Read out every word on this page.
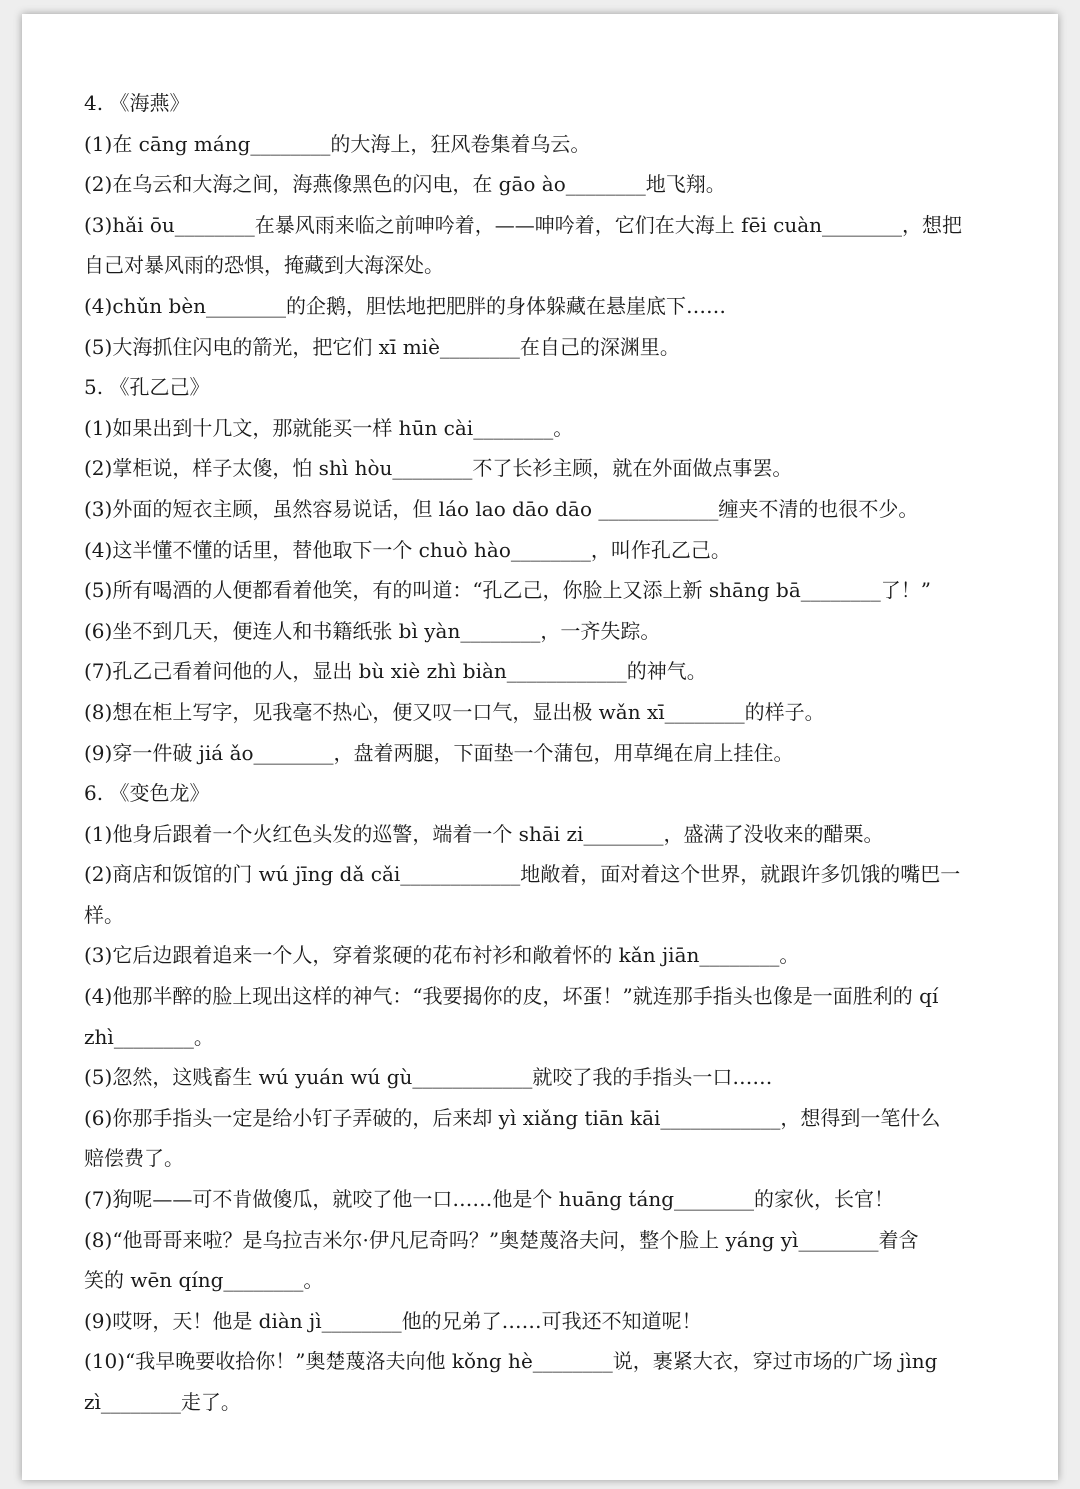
4. 《海燕》
(1)在 cāng máng________的大海上，狂风卷集着乌云。
(2)在乌云和大海之间，海燕像黑色的闪电，在 gāo ào________地飞翔。
(3)hǎi ōu________在暴风雨来临之前呻吟着，——呻吟着，它们在大海上 fēi cuàn________，想把
自己对暴风雨的恐惧，掩藏到大海深处。
(4)chǔn bèn________的企鹅，胆怯地把肥胖的身体躲藏在悬崖底下……
(5)大海抓住闪电的箭光，把它们 xī miè________在自己的深渊里。
5. 《孔乙己》
(1)如果出到十几文，那就能买一样 hūn cài________。
(2)掌柜说，样子太傻，怕 shì hòu________不了长衫主顾，就在外面做点事罢。
(3)外面的短衣主顾，虽然容易说话，但 láo lao dāo dāo ____________缠夹不清的也很不少。
(4)这半懂不懂的话里，替他取下一个 chuò hào________，叫作孔乙己。
(5)所有喝酒的人便都看着他笑，有的叫道：“孔乙己，你脸上又添上新 shāng bā________了！”
(6)坐不到几天，便连人和书籍纸张 bì yàn________，一齐失踪。
(7)孔乙己看着问他的人，显出 bù xiè zhì biàn____________的神气。
(8)想在柜上写字，见我毫不热心，便又叹一口气，显出极 wǎn xī________的样子。
(9)穿一件破 jiá ǎo________，盘着两腿，下面垫一个蒲包，用草绳在肩上挂住。
6. 《变色龙》
(1)他身后跟着一个火红色头发的巡警，端着一个 shāi zi________，盛满了没收来的醋栗。
(2)商店和饭馆的门 wú jīng dǎ cǎi____________地敞着，面对着这个世界，就跟许多饥饿的嘴巴一
样。
(3)它后边跟着追来一个人，穿着浆硬的花布衬衫和敞着怀的 kǎn jiān________。
(4)他那半醉的脸上现出这样的神气：“我要揭你的皮，坏蛋！”就连那手指头也像是一面胜利的 qí
zhì________。
(5)忽然，这贱畜生 wú yuán wú gù____________就咬了我的手指头一口……
(6)你那手指头一定是给小钉子弄破的，后来却 yì xiǎng tiān kāi____________，想得到一笔什么
赔偿费了。
(7)狗呢——可不肯做傻瓜，就咬了他一口……他是个 huāng táng________的家伙，长官！
(8)“他哥哥来啦？是乌拉吉米尔·伊凡尼奇吗？”奥楚蔑洛夫问，整个脸上 yáng yì________着含
笑的 wēn qíng________。
(9)哎呀，天！他是 diàn jì________他的兄弟了……可我还不知道呢！
(10)“我早晚要收拾你！”奥楚蔑洛夫向他 kǒng hè________说，裹紧大衣，穿过市场的广场 jìng
zì________走了。
